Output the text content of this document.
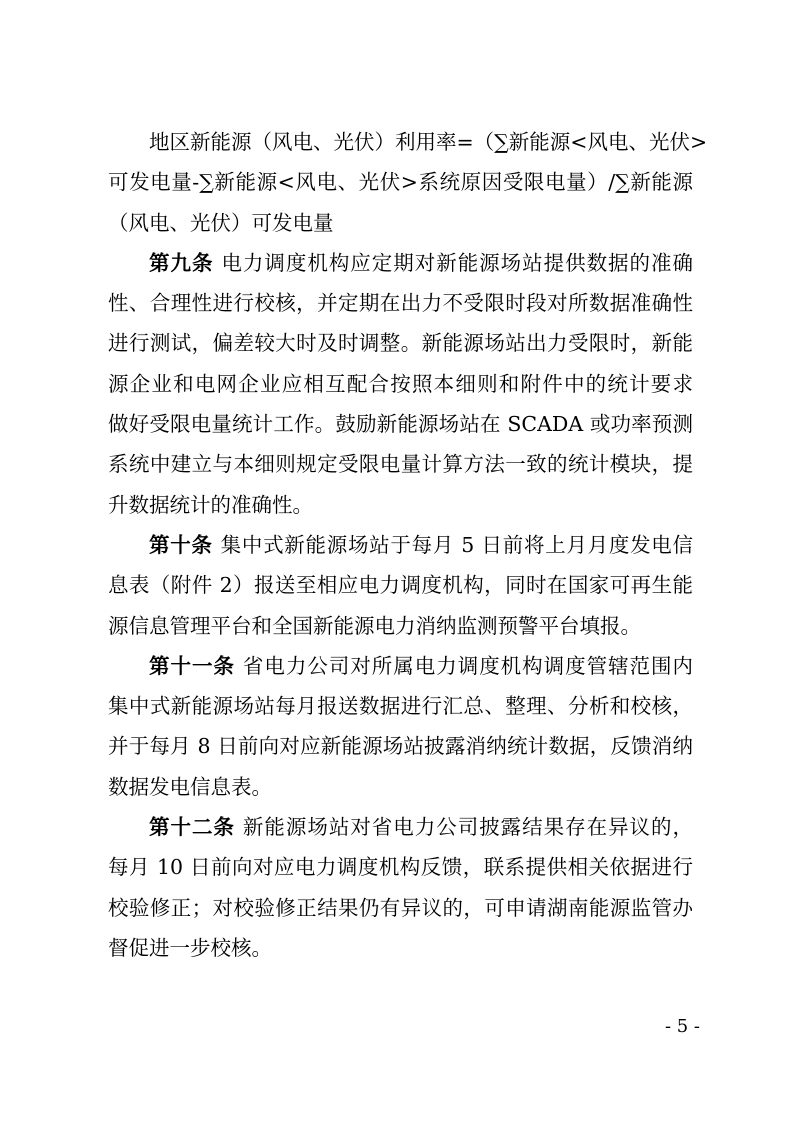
地区新能源（风电、光伏）利用率=（∑新能源<风电、光伏>
可发电量-∑新能源<风电、光伏>系统原因受限电量）/∑新能源
（风电、光伏）可发电量
第九条 电力调度机构应定期对新能源场站提供数据的准确
性、合理性进行校核，并定期在出力不受限时段对所数据准确性
进行测试，偏差较大时及时调整。新能源场站出力受限时，新能
源企业和电网企业应相互配合按照本细则和附件中的统计要求
做好受限电量统计工作。鼓励新能源场站在 SCADA 或功率预测
系统中建立与本细则规定受限电量计算方法一致的统计模块，提
升数据统计的准确性。
第十条 集中式新能源场站于每月 5 日前将上月月度发电信
息表（附件 2）报送至相应电力调度机构，同时在国家可再生能
源信息管理平台和全国新能源电力消纳监测预警平台填报。
第十一条 省电力公司对所属电力调度机构调度管辖范围内
集中式新能源场站每月报送数据进行汇总、整理、分析和校核，
并于每月 8 日前向对应新能源场站披露消纳统计数据，反馈消纳
数据发电信息表。
第十二条 新能源场站对省电力公司披露结果存在异议的，
每月 10 日前向对应电力调度机构反馈，联系提供相关依据进行
校验修正；对校验修正结果仍有异议的，可申请湖南能源监管办
督促进一步校核。
- 5 -
